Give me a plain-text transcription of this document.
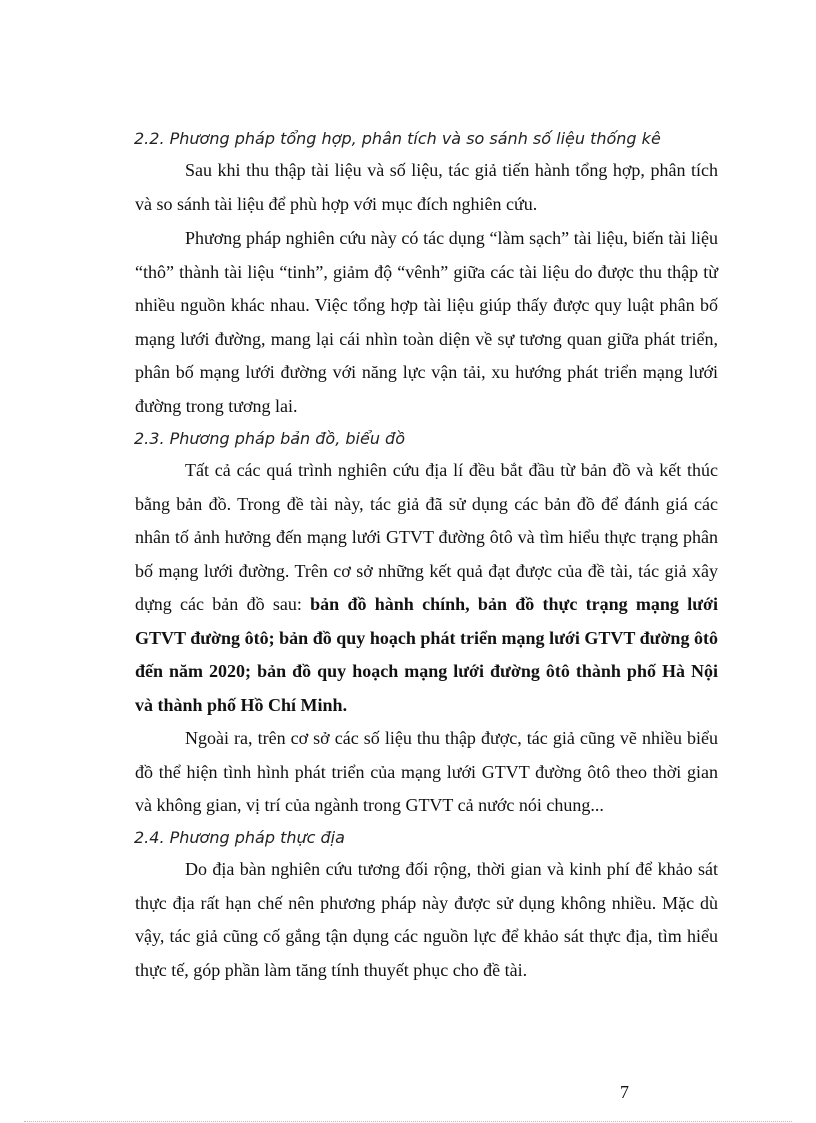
2.2. Phương pháp tổng hợp, phân tích và so sánh số liệu thống kê

Sau khi thu thập tài liệu và số liệu, tác giả tiến hành tổng hợp, phân tích và so sánh tài liệu để phù hợp với mục đích nghiên cứu.

Phương pháp nghiên cứu này có tác dụng “làm sạch” tài liệu, biến tài liệu “thô” thành tài liệu “tinh”, giảm độ “vênh” giữa các tài liệu do được thu thập từ nhiều nguồn khác nhau. Việc tổng hợp tài liệu giúp thấy được quy luật phân bố mạng lưới đường, mang lại cái nhìn toàn diện về sự tương quan giữa phát triển, phân bố mạng lưới đường với năng lực vận tải, xu hướng phát triển mạng lưới đường trong tương lai.

2.3. Phương pháp bản đồ, biểu đồ

Tất cả các quá trình nghiên cứu địa lí đều bắt đầu từ bản đồ và kết thúc bằng bản đồ. Trong đề tài này, tác giả đã sử dụng các bản đồ để đánh giá các nhân tố ảnh hưởng đến mạng lưới GTVT đường ôtô và tìm hiểu thực trạng phân bố mạng lưới đường. Trên cơ sở những kết quả đạt được của đề tài, tác giả xây dựng các bản đồ sau: bản đồ hành chính, bản đồ thực trạng mạng lưới GTVT đường ôtô; bản đồ quy hoạch phát triển mạng lưới GTVT đường ôtô đến năm 2020; bản đồ quy hoạch mạng lưới đường ôtô thành phố Hà Nội và thành phố Hồ Chí Minh.

Ngoài ra, trên cơ sở các số liệu thu thập được, tác giả cũng vẽ nhiều biểu đồ thể hiện tình hình phát triển của mạng lưới GTVT đường ôtô theo thời gian và không gian, vị trí của ngành trong GTVT cả nước nói chung...

2.4. Phương pháp thực địa

Do địa bàn nghiên cứu tương đối rộng, thời gian và kinh phí để khảo sát thực địa rất hạn chế nên phương pháp này được sử dụng không nhiều. Mặc dù vậy, tác giả cũng cố gắng tận dụng các nguồn lực để khảo sát thực địa, tìm hiểu thực tế, góp phần làm tăng tính thuyết phục cho đề tài.

7
